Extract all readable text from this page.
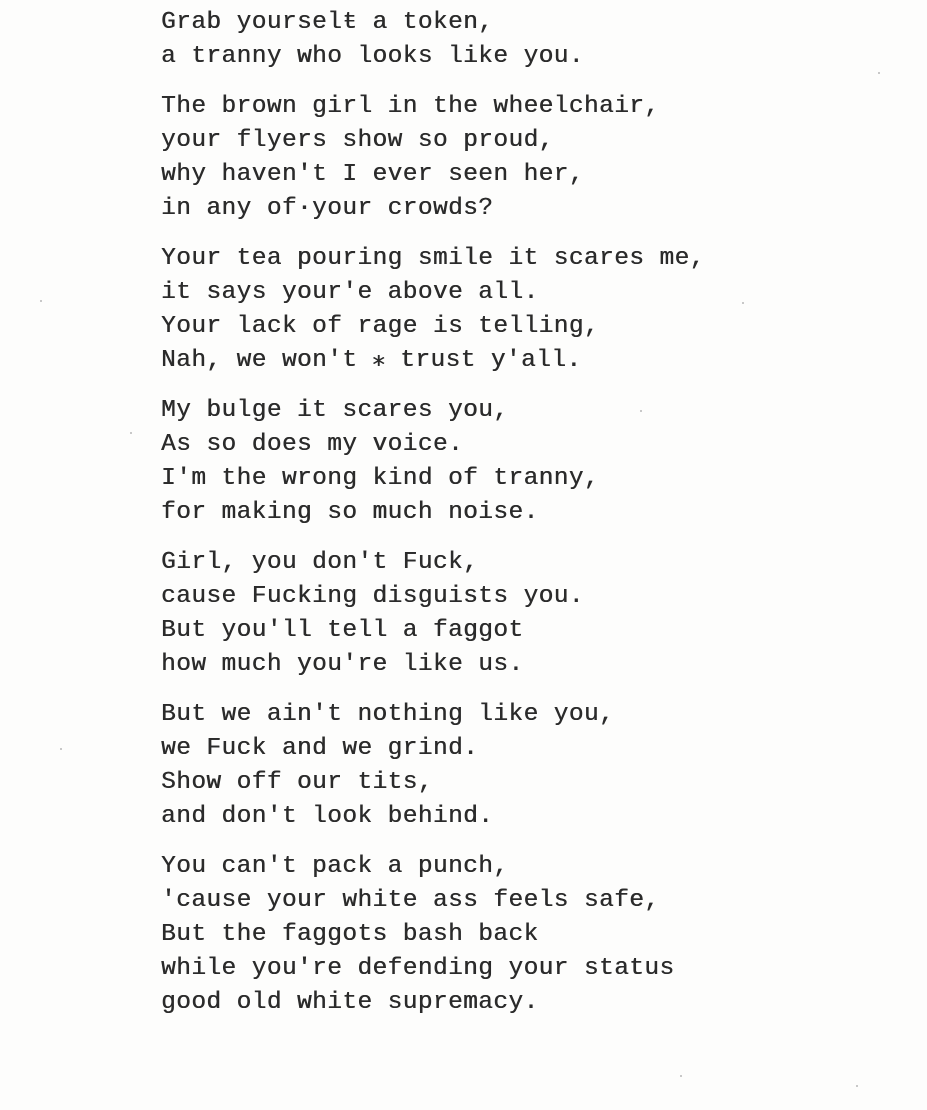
Grab yourselŧ a token,
a tranny who looks like you.
The brown girl in the wheelchair,
your flyers show so proud,
why haven't I ever seen her,
in any of·your crowds?
Your tea pouring smile it scares me,
it says your'e above all.
Your lack of rage is telling,
Nah, we won't ⁎ trust y'all.
My bulge it scares you,
As so does my voice.
I'm the wrong kind of tranny,
for making so much noise.
Girl, you don't Fuck,
cause Fucking disguists you.
But you'll tell a faggot
how much you're like us.
But we ain't nothing like you,
we Fuck and we grind.
Show off our tits,
and don't look behind.
You can't pack a punch,
'cause your white ass feels safe,
But the faggots bash back
while you're defending your status
good old white supremacy.
